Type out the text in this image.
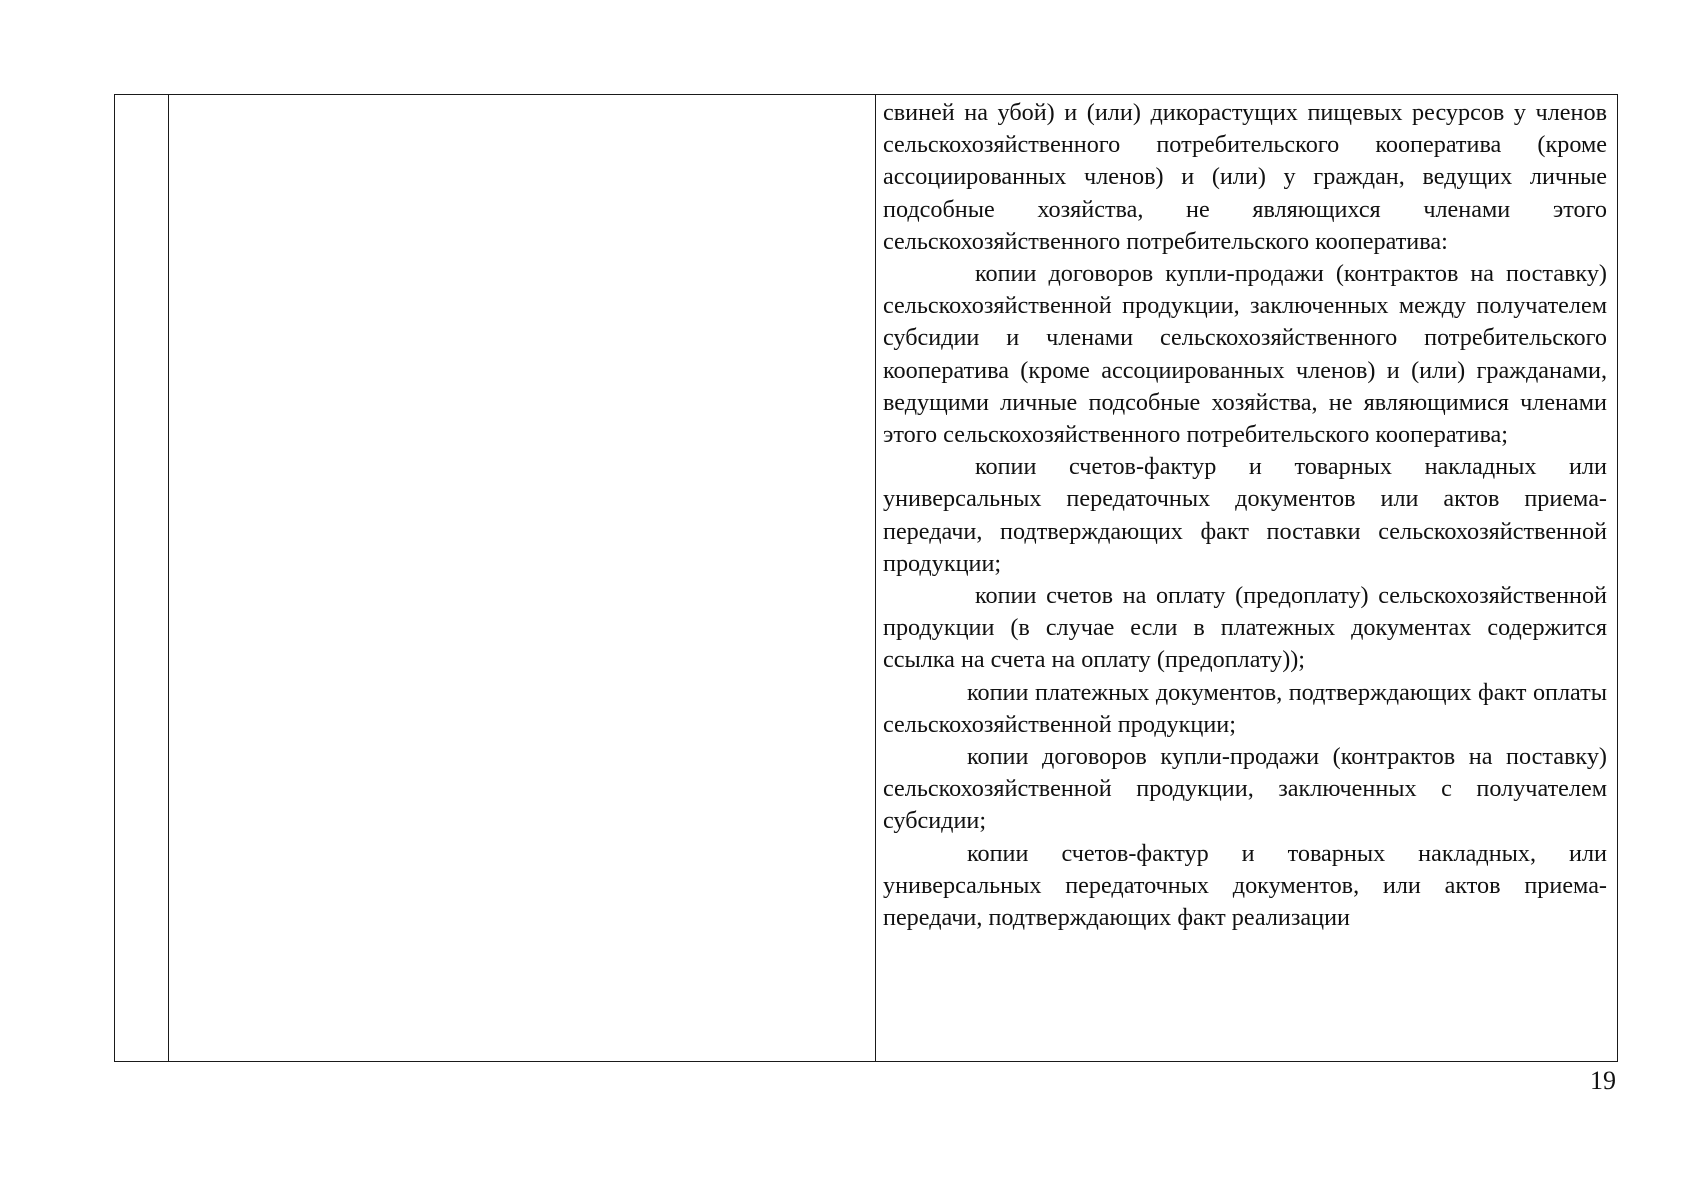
свиней на убой) и (или) дикорастущих пищевых ресурсов у членов сельскохозяйственного потребительского кооператива (кроме ассоциированных членов) и (или) у граждан, ведущих личные подсобные хозяйства, не являющихся членами этого сельскохозяйственного потребительского кооператива:

копии договоров купли-продажи (контрактов на поставку) сельскохозяйственной продукции, заключенных между получателем субсидии и членами сельскохозяйственного потребительского кооператива (кроме ассоциированных членов) и (или) гражданами, ведущими личные подсобные хозяйства, не являющимися членами этого сельскохозяйственного потребительского кооператива;

копии счетов-фактур и товарных накладных или универсальных передаточных документов или актов приема-передачи, подтверждающих факт поставки сельскохозяйственной продукции;

копии счетов на оплату (предоплату) сельскохозяйственной продукции (в случае если в платежных документах содержится ссылка на счета на оплату (предоплату));

копии платежных документов, подтверждающих факт оплаты сельскохозяйственной продукции;

копии договоров купли-продажи (контрактов на поставку) сельскохозяйственной продукции, заключенных с получателем субсидии;

копии счетов-фактур и товарных накладных, или универсальных передаточных документов, или актов приема-передачи, подтверждающих факт реализации

19
